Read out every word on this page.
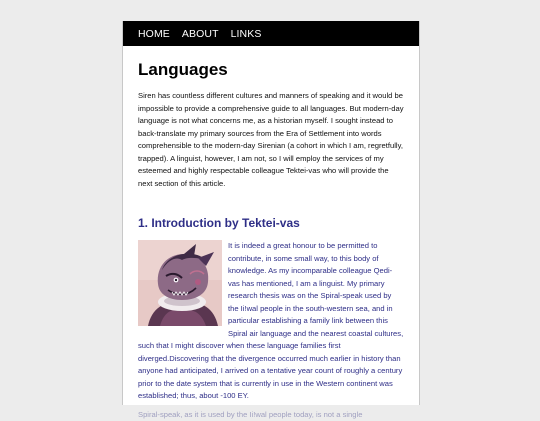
HOME ABOUT LINKS
Languages

Siren has countless different cultures and manners of speaking and it would be impossible to provide a comprehensive guide to all languages. But modern-day language is not what concerns me, as a historian myself. I sought instead to back-translate my primary sources from the Era of Settlement into words comprehensible to the modern-day Sirenian (a cohort in which I am, regretfully, trapped). A linguist, however, I am not, so I will employ the services of my esteemed and highly respectable colleague Tektei-vas who will provide the next section of this article.

1. Introduction by Tektei-vas
It is indeed a great honour to be permitted to contribute, in some small way, to this body of knowledge. As my incomparable colleague Qedi-vas has mentioned, I am a linguist. My primary research thesis was on the Spiral-speak used by the Ii!wal people in the south-western sea, and in particular establishing a family link between this Spiral air language and the nearest coastal cultures, such that I might discover when these language families first diverged.Discovering that the divergence occurred much earlier in history than anyone had anticipated, I arrived on a tentative year count of roughly a century prior to the date system that is currently in use in the Western continent was established; thus, about -100 EY.
Spiral-speak, as it is used by the Ii!wal people today, is not a single
